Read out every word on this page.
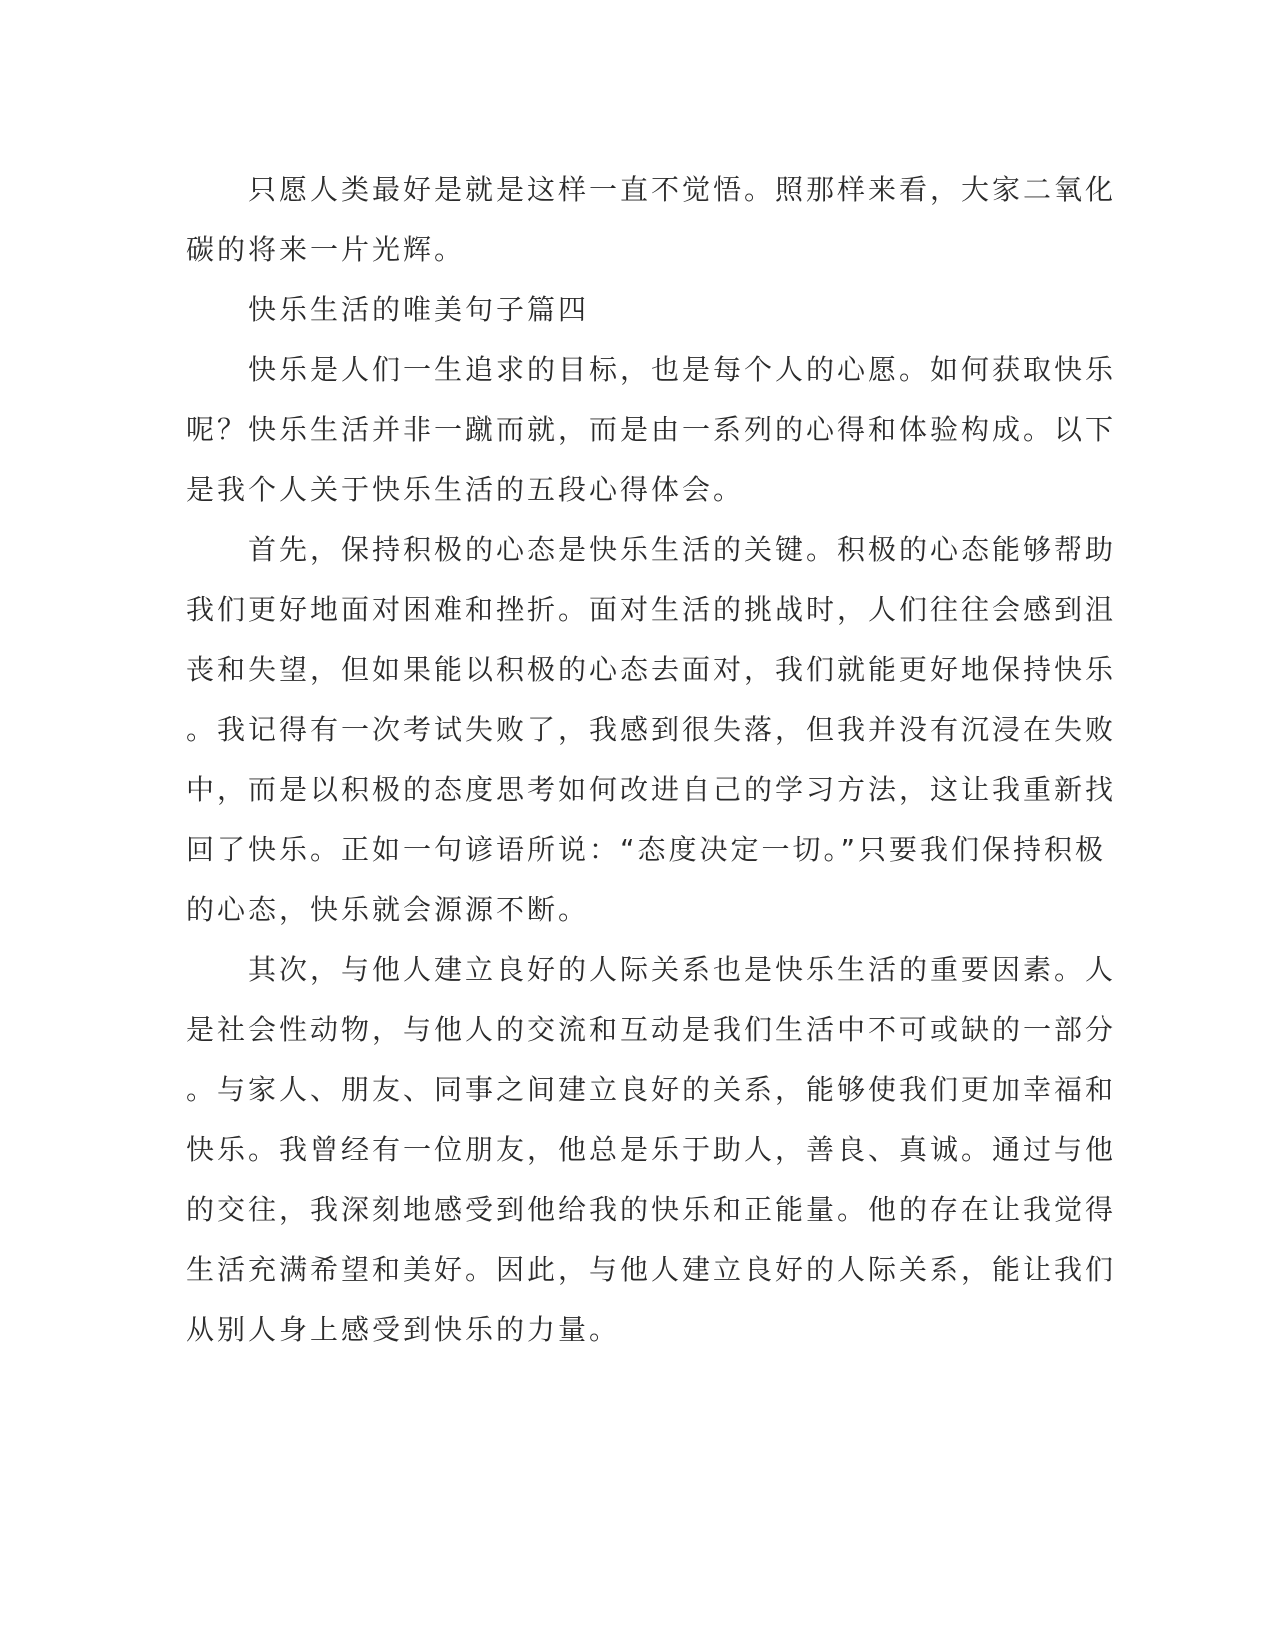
　　只愿人类最好是就是这样一直不觉悟。照那样来看，大家二氧化
碳的将来一片光辉。
　　快乐生活的唯美句子篇四
　　快乐是人们一生追求的目标，也是每个人的心愿。如何获取快乐
呢？快乐生活并非一蹴而就，而是由一系列的心得和体验构成。以下
是我个人关于快乐生活的五段心得体会。
　　首先，保持积极的心态是快乐生活的关键。积极的心态能够帮助
我们更好地面对困难和挫折。面对生活的挑战时，人们往往会感到沮
丧和失望，但如果能以积极的心态去面对，我们就能更好地保持快乐
。我记得有一次考试失败了，我感到很失落，但我并没有沉浸在失败
中，而是以积极的态度思考如何改进自己的学习方法，这让我重新找
回了快乐。正如一句谚语所说：“态度决定一切。”只要我们保持积极
的心态，快乐就会源源不断。
　　其次，与他人建立良好的人际关系也是快乐生活的重要因素。人
是社会性动物，与他人的交流和互动是我们生活中不可或缺的一部分
。与家人、朋友、同事之间建立良好的关系，能够使我们更加幸福和
快乐。我曾经有一位朋友，他总是乐于助人，善良、真诚。通过与他
的交往，我深刻地感受到他给我的快乐和正能量。他的存在让我觉得
生活充满希望和美好。因此，与他人建立良好的人际关系，能让我们
从别人身上感受到快乐的力量。
